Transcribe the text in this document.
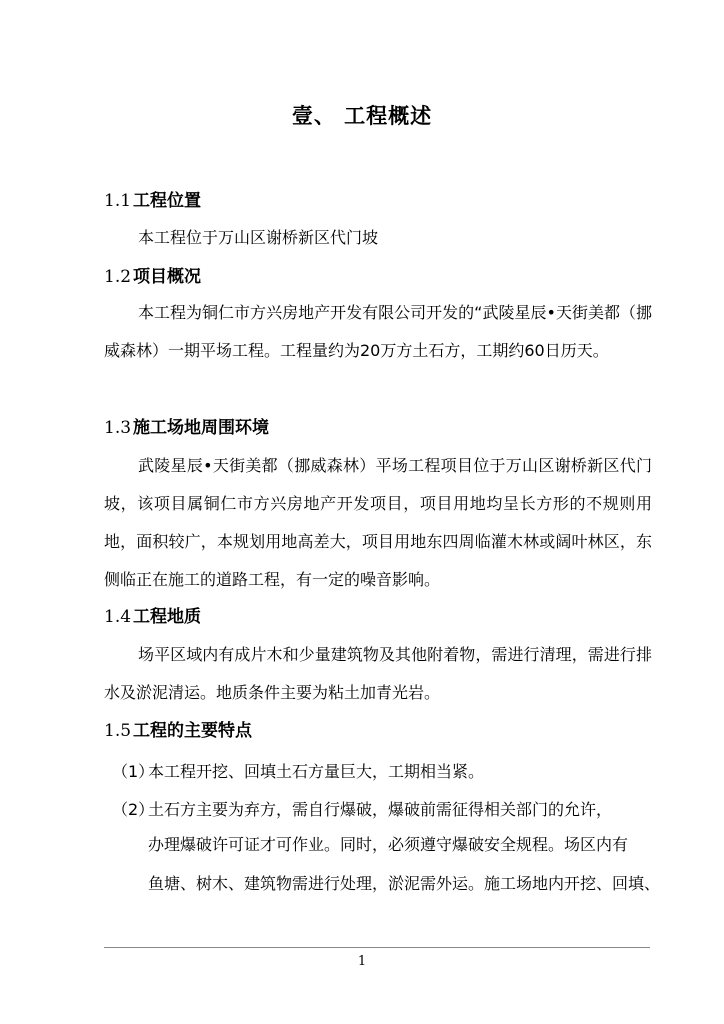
壹、 工程概述
1.1 工程位置
本工程位于万山区谢桥新区代门坡
1.2 项目概况
本工程为铜仁市方兴房地产开发有限公司开发的“武陵星辰•天街美都（挪威森林）一期平场工程。工程量约为20万方土石方，工期约60日历天。
1.3 施工场地周围环境
武陵星辰•天街美都（挪威森林）平场工程项目位于万山区谢桥新区代门坡，该项目属铜仁市方兴房地产开发项目，项目用地均呈长方形的不规则用地，面积较广，本规划用地高差大，项目用地东四周临灌木林或阔叶林区，东侧临正在施工的道路工程，有一定的噪音影响。
1.4 工程地质
场平区域内有成片木和少量建筑物及其他附着物，需进行清理，需进行排水及淤泥清运。地质条件主要为粘土加青光岩。
1.5 工程的主要特点
（1）
本工程开挖、回填土石方量巨大，工期相当紧。
（2）
土石方主要为弃方，需自行爆破，爆破前需征得相关部门的允许，
办理爆破许可证才可作业。同时，必须遵守爆破安全规程。场区内有
鱼塘、树木、建筑物需进行处理，淤泥需外运。施工场地内开挖、回填、
1
